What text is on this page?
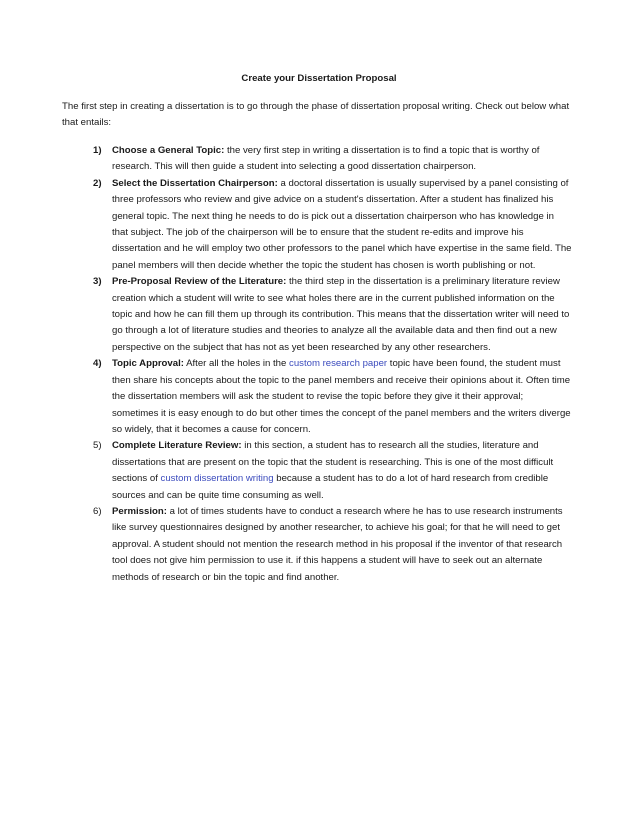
Create your Dissertation Proposal
The first step in creating a dissertation is to go through the phase of dissertation proposal writing. Check out below what that entails:
1) Choose a General Topic: the very first step in writing a dissertation is to find a topic that is worthy of research. This will then guide a student into selecting a good dissertation chairperson.
2) Select the Dissertation Chairperson: a doctoral dissertation is usually supervised by a panel consisting of three professors who review and give advice on a student's dissertation. After a student has finalized his general topic. The next thing he needs to do is pick out a dissertation chairperson who has knowledge in that subject. The job of the chairperson will be to ensure that the student re-edits and improve his dissertation and he will employ two other professors to the panel which have expertise in the same field. The panel members will then decide whether the topic the student has chosen is worth publishing or not.
3) Pre-Proposal Review of the Literature: the third step in the dissertation is a preliminary literature review creation which a student will write to see what holes there are in the current published information on the topic and how he can fill them up through its contribution. This means that the dissertation writer will need to go through a lot of literature studies and theories to analyze all the available data and then find out a new perspective on the subject that has not as yet been researched by any other researchers.
4) Topic Approval: After all the holes in the custom research paper topic have been found, the student must then share his concepts about the topic to the panel members and receive their opinions about it. Often time the dissertation members will ask the student to revise the topic before they give it their approval; sometimes it is easy enough to do but other times the concept of the panel members and the writers diverge so widely, that it becomes a cause for concern.
5) Complete Literature Review: in this section, a student has to research all the studies, literature and dissertations that are present on the topic that the student is researching. This is one of the most difficult sections of custom dissertation writing because a student has to do a lot of hard research from credible sources and can be quite time consuming as well.
6) Permission: a lot of times students have to conduct a research where he has to use research instruments like survey questionnaires designed by another researcher, to achieve his goal; for that he will need to get approval. A student should not mention the research method in his proposal if the inventor of that research tool does not give him permission to use it. if this happens a student will have to seek out an alternate methods of research or bin the topic and find another.
